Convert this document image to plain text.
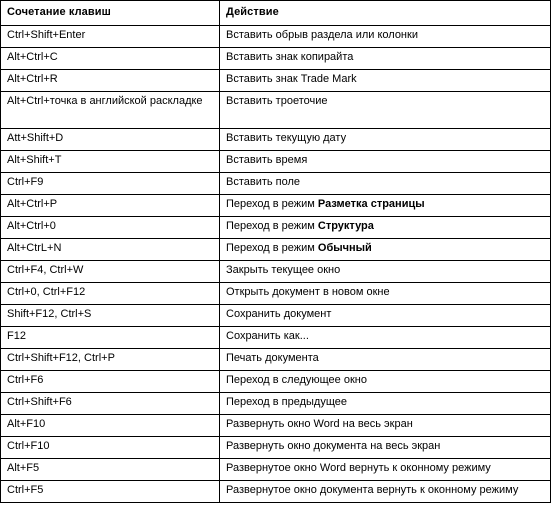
Сочетание клавиш	Действие
Ctrl+Shift+Enter	Вставить обрыв раздела или колонки
Alt+Ctrl+C	Вставить знак копирайта
Alt+Ctrl+R	Вставить знак Trade Mark
Alt+Ctrl+точка в английской раскладке	Вставить троеточие
Att+Shift+D	Вставить текущую дату
Alt+Shift+T	Вставить время
Ctrl+F9	Вставить поле
Alt+Ctrl+P	Переход в режим Разметка страницы
Alt+Ctrl+0	Переход в режим Структура
Alt+CtrL+N	Переход в режим Обычный
Ctrl+F4, Ctrl+W	Закрыть текущее окно
Ctrl+0, Ctrl+F12	Открыть документ в новом окне
Shift+F12, Ctrl+S	Сохранить документ
F12	Сохранить как...
Ctrl+Shift+F12, Ctrl+P	Печать документа
Ctrl+F6	Переход в следующее окно
Ctrl+Shift+F6	Переход в предыдущее
Alt+F10	Развернуть окно Word на весь экран
Ctrl+F10	Развернуть окно документа на весь экран
Alt+F5	Развернутое окно Word вернуть к оконному режиму
Ctrl+F5	Развернутое окно документа вернуть к оконному режиму
